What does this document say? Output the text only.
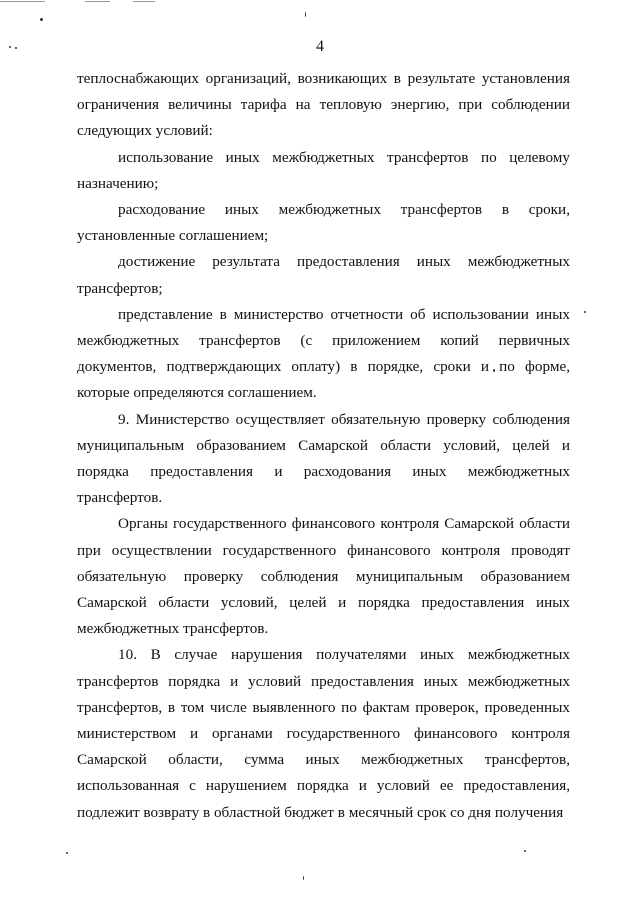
4

теплоснабжающих организаций, возникающих в результате установления ограничения величины тарифа на тепловую энергию, при соблюдении следующих условий:

использование иных межбюджетных трансфертов по целевому назначению;

расходование иных межбюджетных трансфертов в сроки, установленные соглашением;

достижение результата предоставления иных межбюджетных трансфертов;

представление в министерство отчетности об использовании иных межбюджетных трансфертов (с приложением копий первичных документов, подтверждающих оплату) в порядке, сроки и по форме, которые определяются соглашением.

9. Министерство осуществляет обязательную проверку соблюдения муниципальным образованием Самарской области условий, целей и порядка предоставления и расходования иных межбюджетных трансфертов.

Органы государственного финансового контроля Самарской области при осуществлении государственного финансового контроля проводят обязательную проверку соблюдения муниципальным образованием Самарской области условий, целей и порядка предоставления иных межбюджетных трансфертов.

10. В случае нарушения получателями иных межбюджетных трансфертов порядка и условий предоставления иных межбюджетных трансфертов, в том числе выявленного по фактам проверок, проведенных министерством и органами государственного финансового контроля Самарской области, сумма иных межбюджетных трансфертов, использованная с нарушением порядка и условий ее предоставления, подлежит возврату в областной бюджет в месячный срок со дня получения
